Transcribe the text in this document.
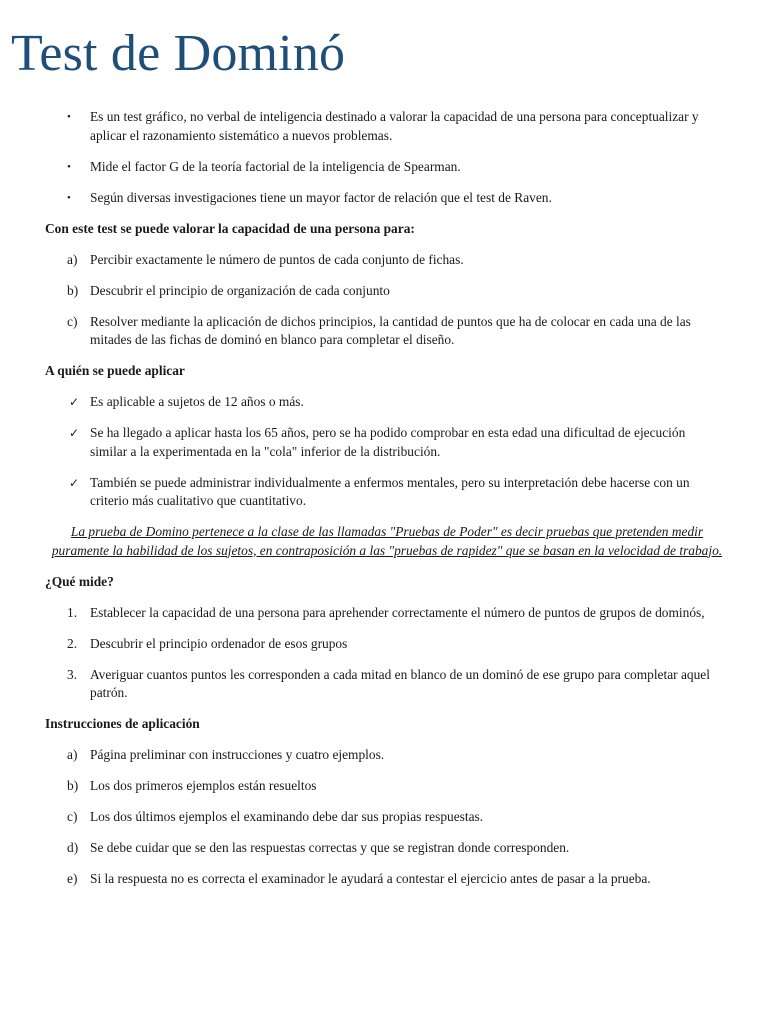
Test de Dominó
• Es un test gráfico, no verbal de inteligencia destinado a valorar la capacidad de una persona para conceptualizar y aplicar el razonamiento sistemático a nuevos problemas.
• Mide el factor G de la teoría factorial de la inteligencia de Spearman.
• Según diversas investigaciones tiene un mayor factor de relación que el test de Raven.

Con este test se puede valorar la capacidad de una persona para:

a) Percibir exactamente le número de puntos de cada conjunto de fichas.
b) Descubrir el principio de organización de cada conjunto
c) Resolver mediante la aplicación de dichos principios, la cantidad de puntos que ha de colocar en cada una de las mitades de las fichas de dominó en blanco para completar el diseño.

A quién se puede aplicar

✓ Es aplicable a sujetos de 12 años o más.
✓ Se ha llegado a aplicar hasta los 65 años, pero se ha podido comprobar en esta edad una dificultad de ejecución similar a la experimentada en la "cola" inferior de la distribución.
✓ También se puede administrar individualmente a enfermos mentales, pero su interpretación debe hacerse con un criterio más cualitativo que cuantitativo.

La prueba de Domino pertenece a la clase de las llamadas "Pruebas de Poder" es decir pruebas que pretenden medir puramente la habilidad de los sujetos, en contraposición a las "pruebas de rapidez" que se basan en la velocidad de trabajo.

¿Qué mide?

1. Establecer la capacidad de una persona para aprehender correctamente el número de puntos de grupos de dominós,
2. Descubrir el principio ordenador de esos grupos
3. Averiguar cuantos puntos les corresponden a cada mitad en blanco de un dominó de ese grupo para completar aquel patrón.

Instrucciones de aplicación

a) Página preliminar con instrucciones y cuatro ejemplos.
b) Los dos primeros ejemplos están resueltos
c) Los dos últimos ejemplos el examinando debe dar sus propias respuestas.
d) Se debe cuidar que se den las respuestas correctas y que se registran donde corresponden.
e) Si la respuesta no es correcta el examinador le ayudará a contestar el ejercicio antes de pasar a la prueba.
